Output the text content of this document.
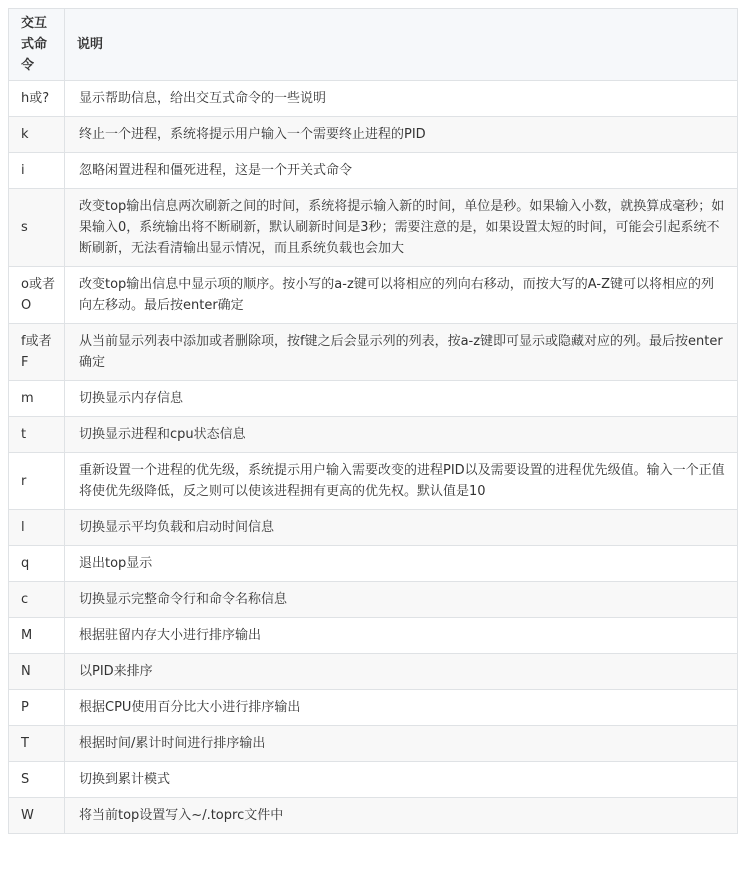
交互式命令	说明
h或?	显示帮助信息，给出交互式命令的一些说明
k	终止一个进程，系统将提示用户输入一个需要终止进程的PID
i	忽略闲置进程和僵死进程，这是一个开关式命令
s	改变top输出信息两次刷新之间的时间，系统将提示输入新的时间，单位是秒。如果输入小数，就换算成毫秒；如果输入0，系统输出将不断刷新，默认刷新时间是3秒；需要注意的是，如果设置太短的时间，可能会引起系统不断刷新，无法看清输出显示情况，而且系统负载也会加大
o或者O	改变top输出信息中显示项的顺序。按小写的a-z键可以将相应的列向右移动，而按大写的A-Z键可以将相应的列向左移动。最后按enter确定
f或者F	从当前显示列表中添加或者删除项，按f键之后会显示列的列表，按a-z键即可显示或隐藏对应的列。最后按enter确定
m	切换显示内存信息
t	切换显示进程和cpu状态信息
r	重新设置一个进程的优先级，系统提示用户输入需要改变的进程PID以及需要设置的进程优先级值。输入一个正值将使优先级降低，反之则可以使该进程拥有更高的优先权。默认值是10
l	切换显示平均负载和启动时间信息
q	退出top显示
c	切换显示完整命令行和命令名称信息
M	根据驻留内存大小进行排序输出
N	以PID来排序
P	根据CPU使用百分比大小进行排序输出
T	根据时间/累计时间进行排序输出
S	切换到累计模式
W	将当前top设置写入~/.toprc文件中
